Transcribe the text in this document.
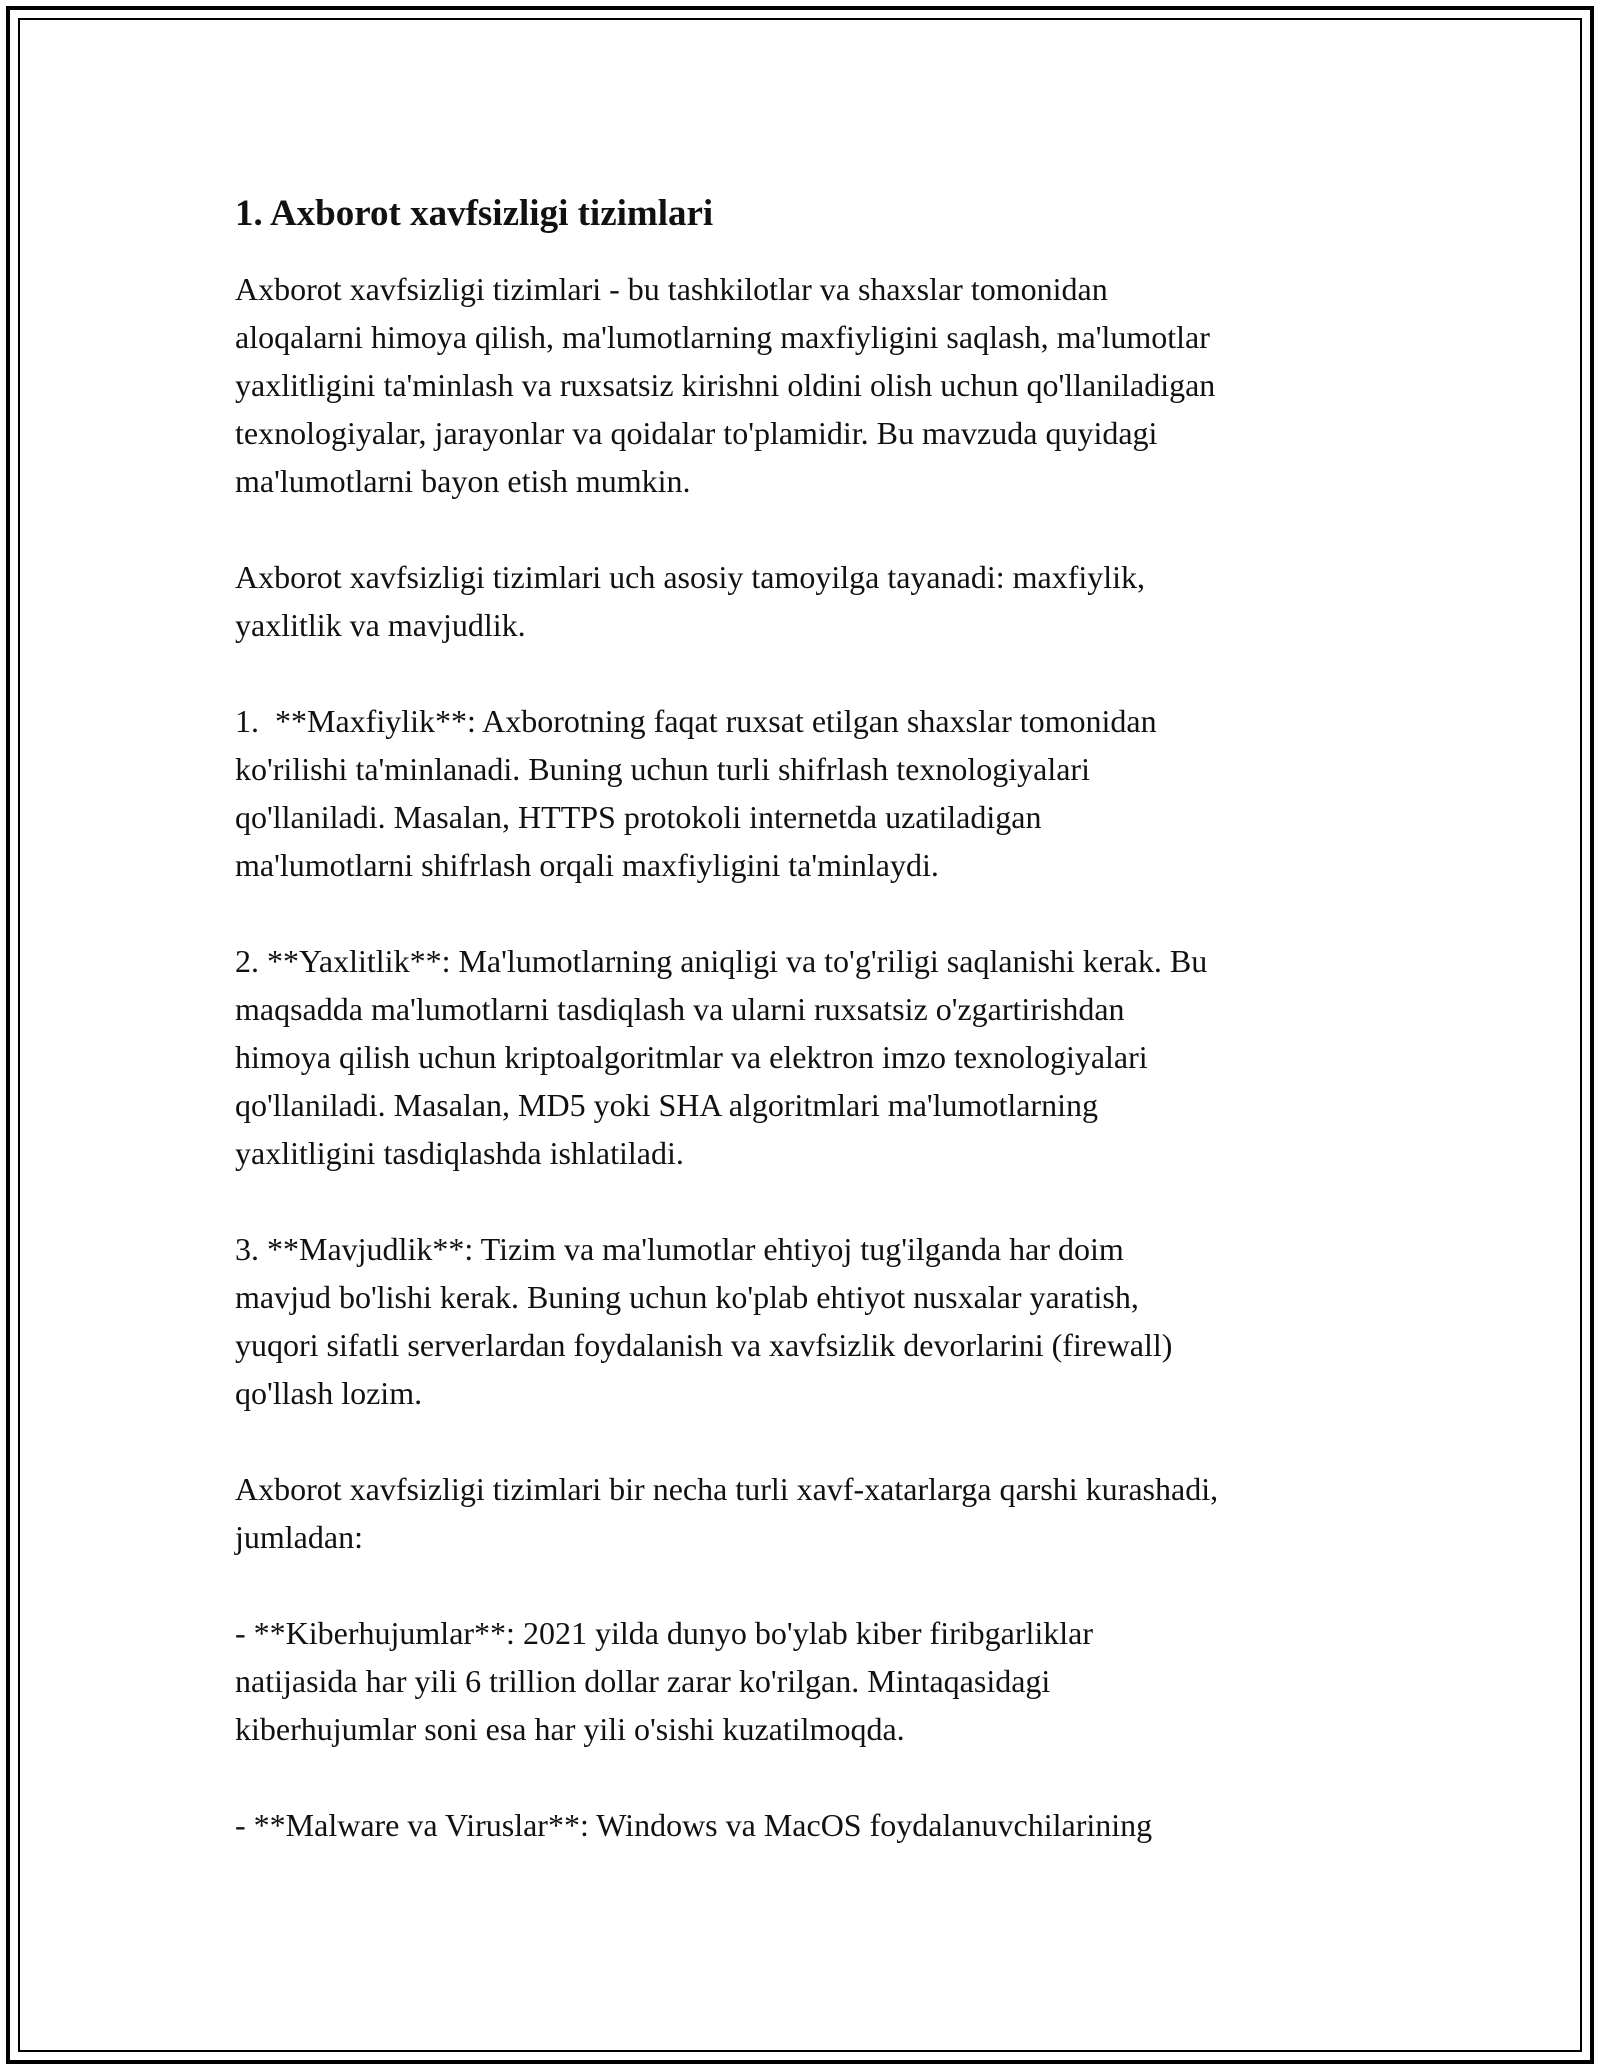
1. Axborot xavfsizligi tizimlari

Axborot xavfsizligi tizimlari - bu tashkilotlar va shaxslar tomonidan
aloqalarni himoya qilish, ma'lumotlarning maxfiyligini saqlash, ma'lumotlar
yaxlitligini ta'minlash va ruxsatsiz kirishni oldini olish uchun qo'llaniladigan
texnologiyalar, jarayonlar va qoidalar to'plamidir. Bu mavzuda quyidagi
ma'lumotlarni bayon etish mumkin.

Axborot xavfsizligi tizimlari uch asosiy tamoyilga tayanadi: maxfiylik,
yaxlitlik va mavjudlik.

1.  **Maxfiylik**: Axborotning faqat ruxsat etilgan shaxslar tomonidan
ko'rilishi ta'minlanadi. Buning uchun turli shifrlash texnologiyalari
qo'llaniladi. Masalan, HTTPS protokoli internetda uzatiladigan
ma'lumotlarni shifrlash orqali maxfiyligini ta'minlaydi.

2. **Yaxlitlik**: Ma'lumotlarning aniqligi va to'g'riligi saqlanishi kerak. Bu
maqsadda ma'lumotlarni tasdiqlash va ularni ruxsatsiz o'zgartirishdan
himoya qilish uchun kriptoalgoritmlar va elektron imzo texnologiyalari
qo'llaniladi. Masalan, MD5 yoki SHA algoritmlari ma'lumotlarning
yaxlitligini tasdiqlashda ishlatiladi.

3. **Mavjudlik**: Tizim va ma'lumotlar ehtiyoj tug'ilganda har doim
mavjud bo'lishi kerak. Buning uchun ko'plab ehtiyot nusxalar yaratish,
yuqori sifatli serverlardan foydalanish va xavfsizlik devorlarini (firewall)
qo'llash lozim.

Axborot xavfsizligi tizimlari bir necha turli xavf-xatarlarga qarshi kurashadi,
jumladan:

- **Kiberhujumlar**: 2021 yilda dunyo bo'ylab kiber firibgarliklar
natijasida har yili 6 trillion dollar zarar ko'rilgan. Mintaqasidagi
kiberhujumlar soni esa har yili o'sishi kuzatilmoqda.

- **Malware va Viruslar**: Windows va MacOS foydalanuvchilarining
